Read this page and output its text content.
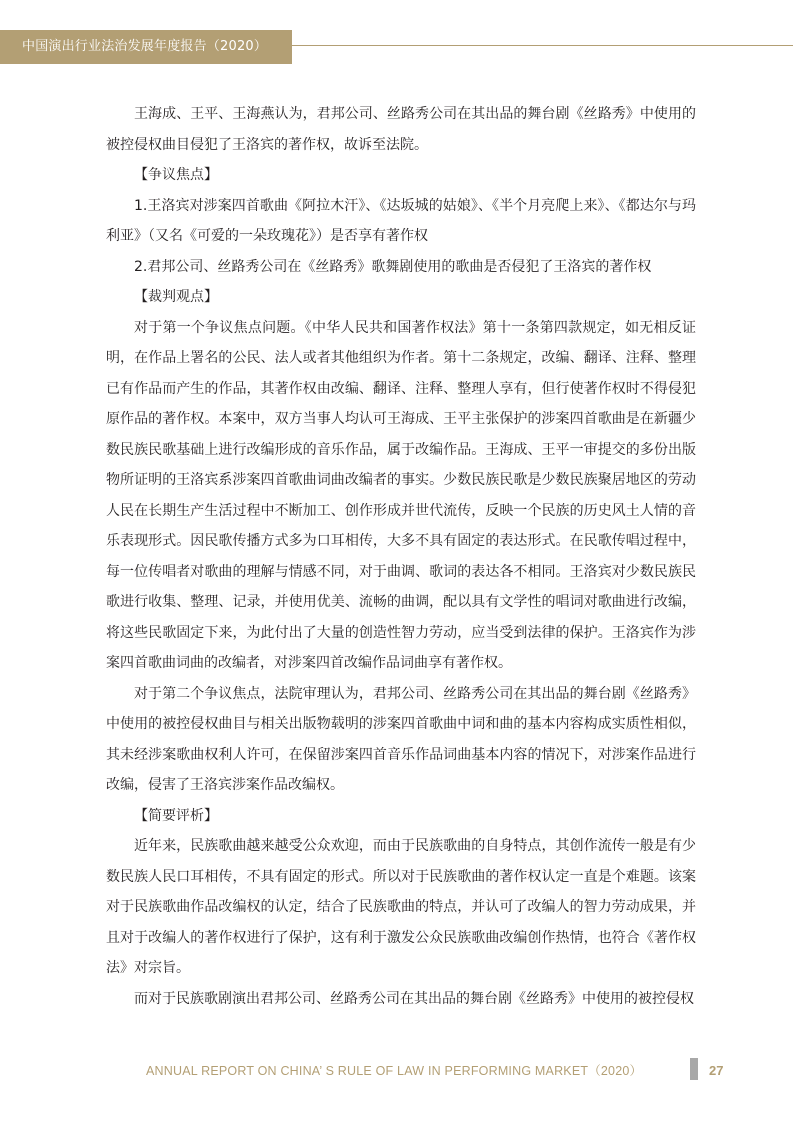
中国演出行业法治发展年度报告（2020）

王海成、王平、王海燕认为，君邦公司、丝路秀公司在其出品的舞台剧《丝路秀》中使用的被控侵权曲目侵犯了王洛宾的著作权，故诉至法院。

【争议焦点】

1.王洛宾对涉案四首歌曲《阿拉木汗》、《达坂城的姑娘》、《半个月亮爬上来》、《都达尔与玛利亚》（又名《可爱的一朵玫瑰花》）是否享有著作权

2.君邦公司、丝路秀公司在《丝路秀》歌舞剧使用的歌曲是否侵犯了王洛宾的著作权

【裁判观点】

对于第一个争议焦点问题。《中华人民共和国著作权法》第十一条第四款规定，如无相反证明，在作品上署名的公民、法人或者其他组织为作者。第十二条规定，改编、翻译、注释、整理已有作品而产生的作品，其著作权由改编、翻译、注释、整理人享有，但行使著作权时不得侵犯原作品的著作权。本案中，双方当事人均认可王海成、王平主张保护的涉案四首歌曲是在新疆少数民族民歌基础上进行改编形成的音乐作品，属于改编作品。王海成、王平一审提交的多份出版物所证明的王洛宾系涉案四首歌曲词曲改编者的事实。少数民族民歌是少数民族聚居地区的劳动人民在长期生产生活过程中不断加工、创作形成并世代流传，反映一个民族的历史风土人情的音乐表现形式。因民歌传播方式多为口耳相传，大多不具有固定的表达形式。在民歌传唱过程中，每一位传唱者对歌曲的理解与情感不同，对于曲调、歌词的表达各不相同。王洛宾对少数民族民歌进行收集、整理、记录，并使用优美、流畅的曲调，配以具有文学性的唱词对歌曲进行改编，将这些民歌固定下来，为此付出了大量的创造性智力劳动，应当受到法律的保护。王洛宾作为涉案四首歌曲词曲的改编者，对涉案四首改编作品词曲享有著作权。

对于第二个争议焦点，法院审理认为，君邦公司、丝路秀公司在其出品的舞台剧《丝路秀》中使用的被控侵权曲目与相关出版物载明的涉案四首歌曲中词和曲的基本内容构成实质性相似，其未经涉案歌曲权利人许可，在保留涉案四首音乐作品词曲基本内容的情况下，对涉案作品进行改编，侵害了王洛宾涉案作品改编权。

【简要评析】

近年来，民族歌曲越来越受公众欢迎，而由于民族歌曲的自身特点，其创作流传一般是有少数民族人民口耳相传，不具有固定的形式。所以对于民族歌曲的著作权认定一直是个难题。该案对于民族歌曲作品改编权的认定，结合了民族歌曲的特点，并认可了改编人的智力劳动成果，并且对于改编人的著作权进行了保护，这有利于激发公众民族歌曲改编创作热情，也符合《著作权法》对宗旨。

而对于民族歌剧演出君邦公司、丝路秀公司在其出品的舞台剧《丝路秀》中使用的被控侵权

ANNUAL REPORT ON CHINA’ S RULE OF LAW IN PERFORMING MARKET（2020）	27
